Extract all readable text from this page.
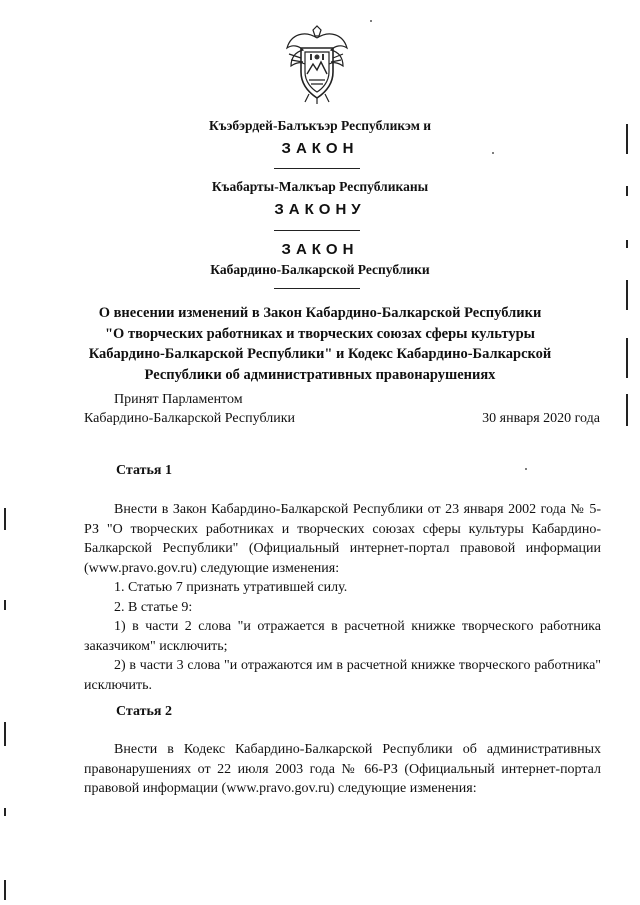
Къэбэрдей-Балъкъэр Республикэм и
ЗАКОН
Къабарты-Малкъар Республиканы
ЗАКОНУ
ЗАКОН
Кабардино-Балкарской Республики
О внесении изменений в Закон Кабардино-Балкарской Республики
"О творческих работниках и творческих союзах сферы культуры
Кабардино-Балкарской Республики" и Кодекс Кабардино-Балкарской
Республики об административных правонарушениях
Принят Парламентом
Кабардино-Балкарской Республики	30 января 2020 года
Статья 1

Внести в Закон Кабардино-Балкарской Республики от 23 января 2002 года № 5-РЗ "О творческих работниках и творческих союзах сферы культуры Кабардино-Балкарской Республики" (Официальный интернет-портал правовой информации (www.pravo.gov.ru) следующие изменения:

1. Статью 7 признать утратившей силу.

2. В статье 9:

1) в части 2 слова "и отражается в расчетной книжке творческого работника заказчиком" исключить;

2) в части 3 слова "и отражаются им в расчетной книжке творческого работника" исключить.

Статья 2

Внести в Кодекс Кабардино-Балкарской Республики об административных правонарушениях от 22 июля 2003 года № 66-РЗ (Официальный интернет-портал правовой информации (www.pravo.gov.ru) следующие изменения:
